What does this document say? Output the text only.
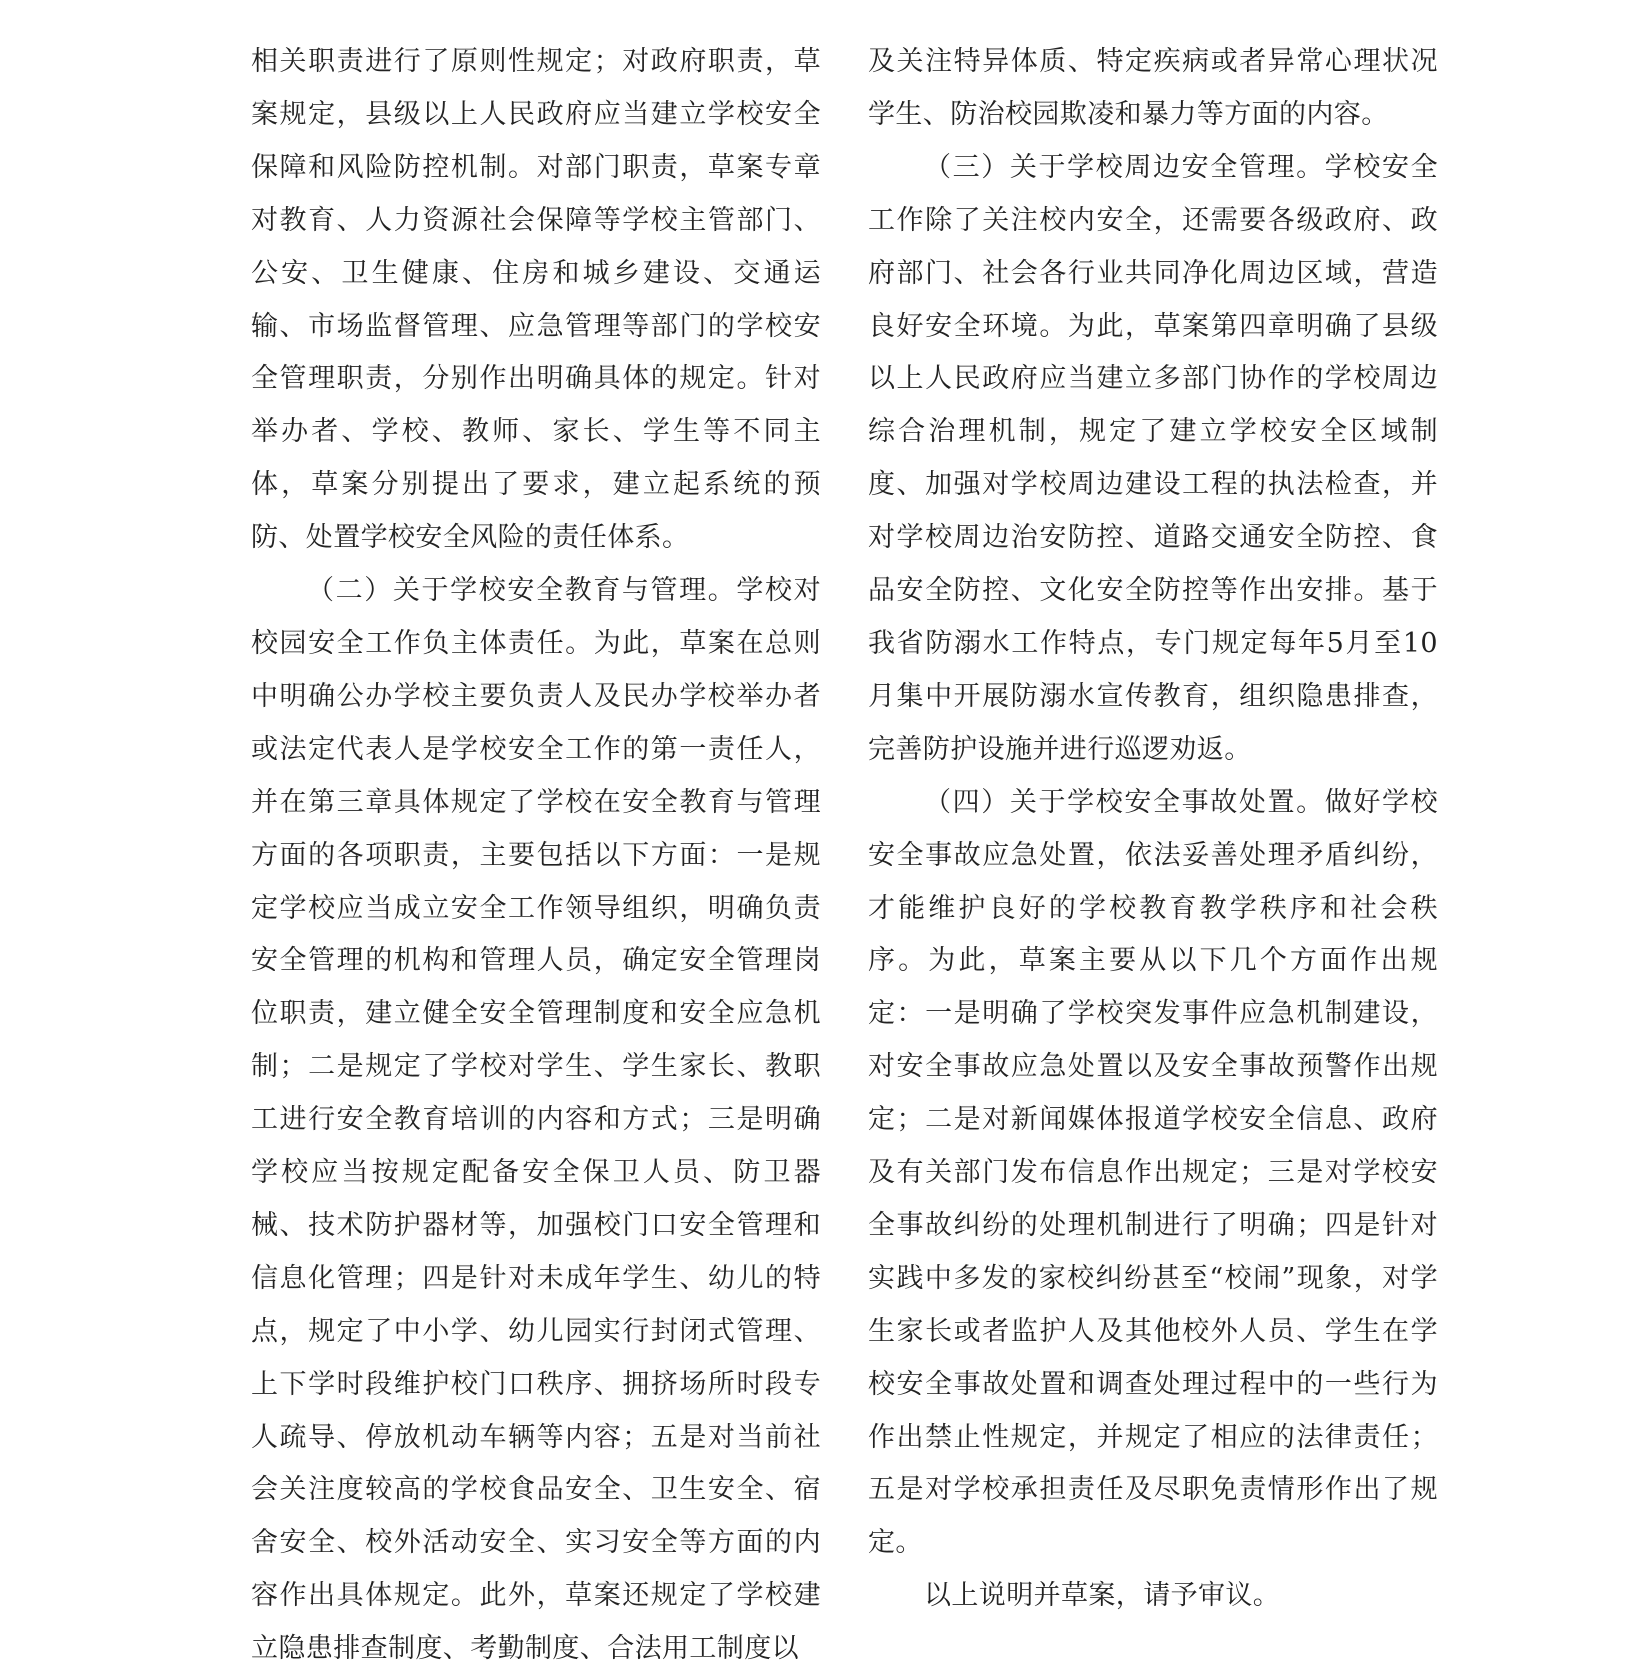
相关职责进行了原则性规定；对政府职责，草案规定，县级以上人民政府应当建立学校安全保障和风险防控机制。对部门职责，草案专章对教育、人力资源社会保障等学校主管部门、公安、卫生健康、住房和城乡建设、交通运输、市场监督管理、应急管理等部门的学校安全管理职责，分别作出明确具体的规定。针对举办者、学校、教师、家长、学生等不同主体，草案分别提出了要求，建立起系统的预防、处置学校安全风险的责任体系。

（二）关于学校安全教育与管理。学校对校园安全工作负主体责任。为此，草案在总则中明确公办学校主要负责人及民办学校举办者或法定代表人是学校安全工作的第一责任人，并在第三章具体规定了学校在安全教育与管理方面的各项职责，主要包括以下方面：一是规定学校应当成立安全工作领导组织，明确负责安全管理的机构和管理人员，确定安全管理岗位职责，建立健全安全管理制度和安全应急机制；二是规定了学校对学生、学生家长、教职工进行安全教育培训的内容和方式；三是明确学校应当按规定配备安全保卫人员、防卫器械、技术防护器材等，加强校门口安全管理和信息化管理；四是针对未成年学生、幼儿的特点，规定了中小学、幼儿园实行封闭式管理、上下学时段维护校门口秩序、拥挤场所时段专人疏导、停放机动车辆等内容；五是对当前社会关注度较高的学校食品安全、卫生安全、宿舍安全、校外活动安全、实习安全等方面的内容作出具体规定。此外，草案还规定了学校建立隐患排查制度、考勤制度、合法用工制度以

及关注特异体质、特定疾病或者异常心理状况学生、防治校园欺凌和暴力等方面的内容。

（三）关于学校周边安全管理。学校安全工作除了关注校内安全，还需要各级政府、政府部门、社会各行业共同净化周边区域，营造良好安全环境。为此，草案第四章明确了县级以上人民政府应当建立多部门协作的学校周边综合治理机制，规定了建立学校安全区域制度、加强对学校周边建设工程的执法检查，并对学校周边治安防控、道路交通安全防控、食品安全防控、文化安全防控等作出安排。基于我省防溺水工作特点，专门规定每年5月至10月集中开展防溺水宣传教育，组织隐患排查，完善防护设施并进行巡逻劝返。

（四）关于学校安全事故处置。做好学校安全事故应急处置，依法妥善处理矛盾纠纷，才能维护良好的学校教育教学秩序和社会秩序。为此，草案主要从以下几个方面作出规定：一是明确了学校突发事件应急机制建设，对安全事故应急处置以及安全事故预警作出规定；二是对新闻媒体报道学校安全信息、政府及有关部门发布信息作出规定；三是对学校安全事故纠纷的处理机制进行了明确；四是针对实践中多发的家校纠纷甚至“校闹”现象，对学生家长或者监护人及其他校外人员、学生在学校安全事故处置和调查处理过程中的一些行为作出禁止性规定，并规定了相应的法律责任；五是对学校承担责任及尽职免责情形作出了规定。

以上说明并草案，请予审议。
